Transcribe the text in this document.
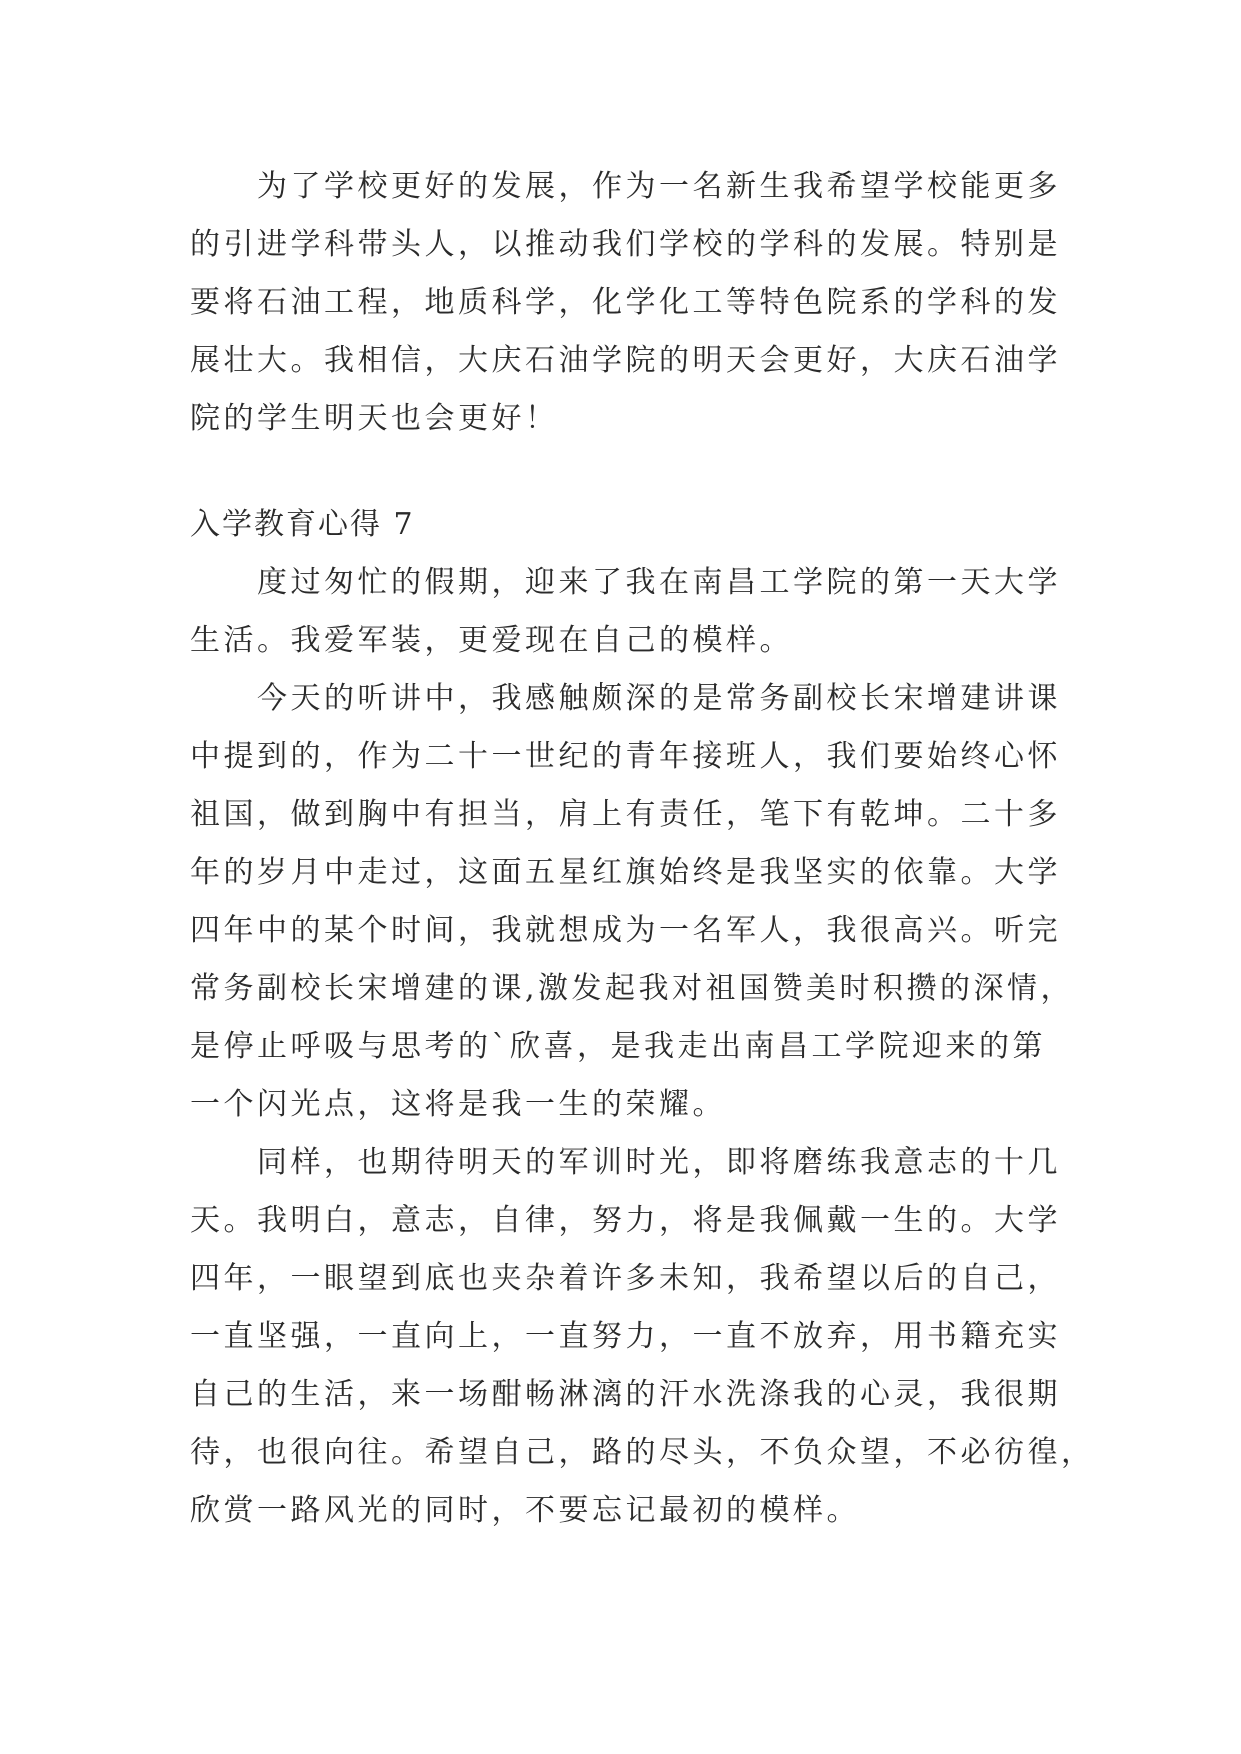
为了学校更好的发展，作为一名新生我希望学校能更多
的引进学科带头人，以推动我们学校的学科的发展。特别是
要将石油工程，地质科学，化学化工等特色院系的学科的发
展壮大。我相信，大庆石油学院的明天会更好，大庆石油学
院的学生明天也会更好！
入学教育心得 7
度过匆忙的假期，迎来了我在南昌工学院的第一天大学
生活。我爱军装，更爱现在自己的模样。
今天的听讲中，我感触颇深的是常务副校长宋增建讲课
中提到的，作为二十一世纪的青年接班人，我们要始终心怀
祖国，做到胸中有担当，肩上有责任，笔下有乾坤。二十多
年的岁月中走过，这面五星红旗始终是我坚实的依靠。大学
四年中的某个时间，我就想成为一名军人，我很高兴。听完
常务副校长宋增建的课,激发起我对祖国赞美时积攒的深情，
是停止呼吸与思考的`欣喜，是我走出南昌工学院迎来的第
一个闪光点，这将是我一生的荣耀。
同样，也期待明天的军训时光，即将磨练我意志的十几
天。我明白，意志，自律，努力，将是我佩戴一生的。大学
四年，一眼望到底也夹杂着许多未知，我希望以后的自己，
一直坚强，一直向上，一直努力，一直不放弃，用书籍充实
自己的生活，来一场酣畅淋漓的汗水洗涤我的心灵，我很期
待，也很向往。希望自己，路的尽头，不负众望，不必彷徨，
欣赏一路风光的同时，不要忘记最初的模样。
